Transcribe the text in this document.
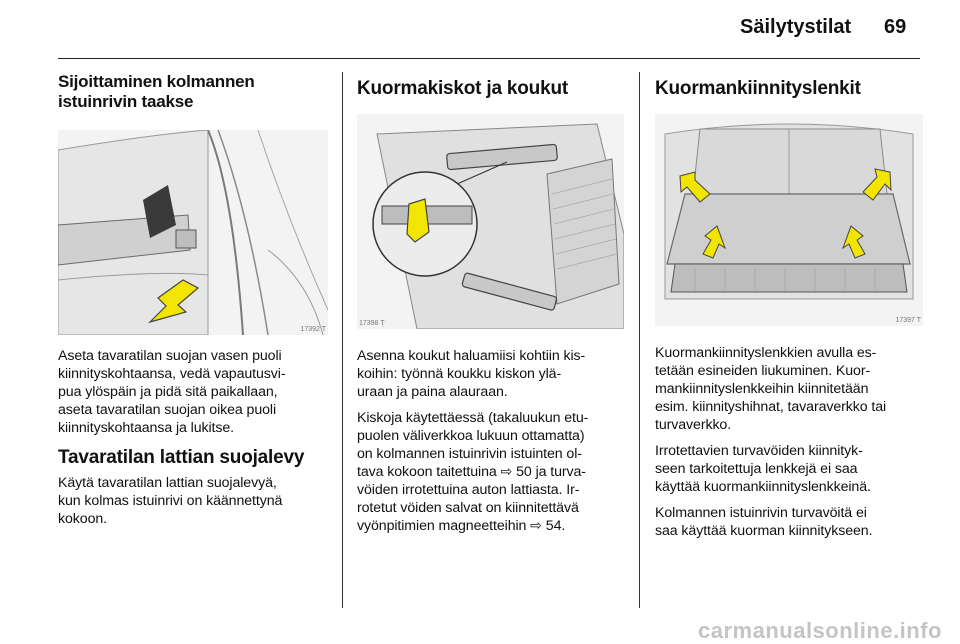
Säilytystilat 69
Sijoittaminen kolmannen
istuinrivin taakse
17392 T

Aseta tavaratilan suojan vasen puoli
kiinnityskohtaansa, vedä vapautusvi-
pua ylöspäin ja pidä sitä paikallaan,
aseta tavaratilan suojan oikea puoli
kiinnityskohtaansa ja lukitse.

Tavaratilan lattian suojalevy

Käytä tavaratilan lattian suojalevyä,
kun kolmas istuinrivi on käännettynä
kokoon.

Kuormakiskot ja koukut
17398 T

Asenna koukut haluamiisi kohtiin kis-
koihin: työnnä koukku kiskon ylä-
uraan ja paina alauraan.

Kiskoja käytettäessä (takaluukun etu-
puolen väliverkkoa lukuun ottamatta)
on kolmannen istuinrivin istuinten ol-
tava kokoon taitettuina ⇨ 50 ja turva-
vöiden irrotettuina auton lattiasta. Ir-
rotetut vöiden salvat on kiinnitettävä
vyönpitimien magneetteihin ⇨ 54.

Kuormankiinnityslenkit
17397 T

Kuormankiinnityslenkkien avulla es-
tetään esineiden liukuminen. Kuor-
mankiinnityslenkkeihin kiinnitetään
esim. kiinnityshihnat, tavaraverkko tai
turvaverkko.

Irrotettavien turvavöiden kiinnityk-
seen tarkoitettuja lenkkejä ei saa
käyttää kuormankiinnityslenkkeinä.

Kolmannen istuinrivin turvavöitä ei
saa käyttää kuorman kiinnitykseen.

carmanualsonline.info
